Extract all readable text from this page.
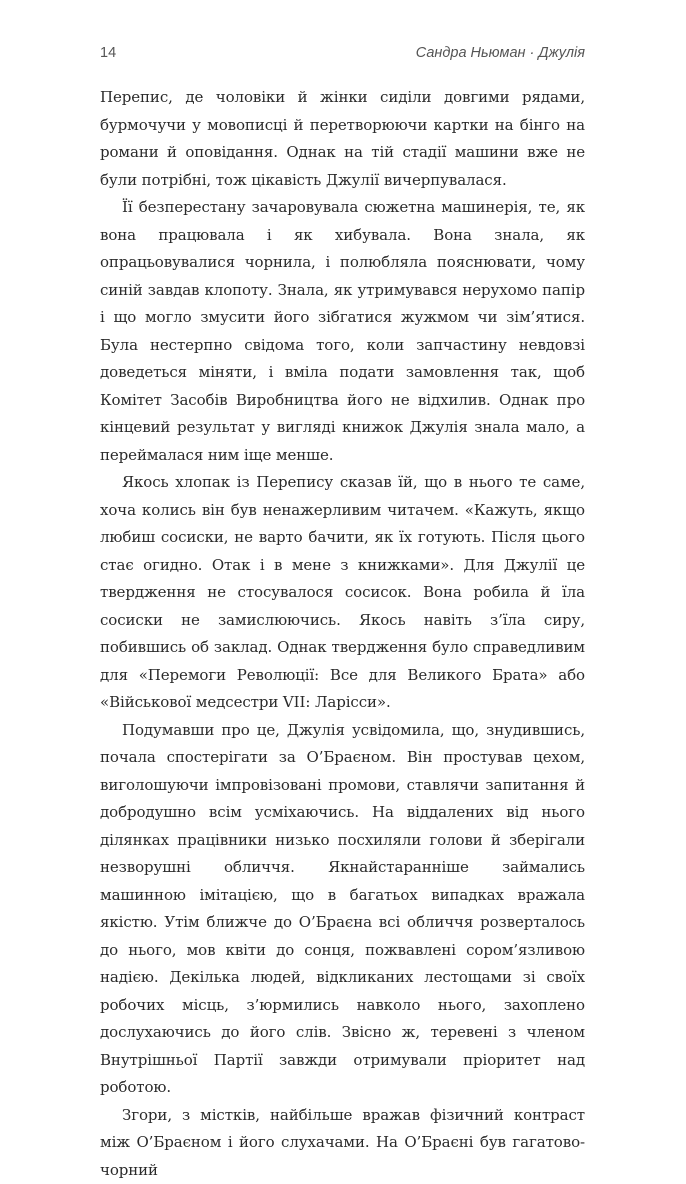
14	Сандра Ньюман · Джулія

Перепис, де чоловіки й жінки сиділи довгими рядами, бурмочучи у мовописці й перетворюючи картки на бінго на романи й оповідання. Однак на тій стадії машини вже не були потрібні, тож цікавість Джулії вичерпувалася.

Її безперестану зачаровувала сюжетна машинерія, те, як вона працювала і як хибувала. Вона знала, як опрацьовувалися чорнила, і полюбляла пояснювати, чому синій завдав клопоту. Знала, як утримувався нерухомо папір і що могло змусити його зібгатися жужмом чи зім’ятися. Була нестерпно свідома того, коли запчастину невдовзі доведеться міняти, і вміла подати замовлення так, щоб Комітет Засобів Виробництва його не відхилив. Однак про кінцевий результат у вигляді книжок Джулія знала мало, а переймалася ним іще менше.

Якось хлопак із Перепису сказав їй, що в нього те саме, хоча колись він був ненажерливим читачем. «Кажуть, якщо любиш сосиски, не варто бачити, як їх готують. Після цього стає огидно. Отак і в мене з книжками». Для Джулії це твердження не стосувалося сосисок. Вона робила й їла сосиски не замислюючись. Якось навіть з’їла сиру, побившись об заклад. Однак твердження було справедливим для «Перемоги Революції: Все для Великого Брата» або «Військової медсестри VII: Ларісси».

Подумавши про це, Джулія усвідомила, що, знудившись, почала спостерігати за О’Браєном. Він простував цехом, виголошуючи імпровізовані промови, ставлячи запитання й добродушно всім усміхаючись. На віддалених від нього ділянках працівники низько посхиляли голови й зберігали незворушні обличчя. Якнайстаранніше займались машинною імітацією, що в багатьох випадках вражала якістю. Утім ближче до О’Браєна всі обличчя розверталось до нього, мов квіти до сонця, пожвавлені сором’язливою надією. Декілька людей, відкликаних лестощами зі своїх робочих місць, з’юрмились навколо нього, захоплено дослухаючись до його слів. Звісно ж, теревені з членом Внутрішньої Партії завжди отримували пріоритет над роботою.

Згори, з містків, найбільше вражав фізичний контраст між О’Браєном і його слухачами. На О’Браєні був гагатово-чорний
